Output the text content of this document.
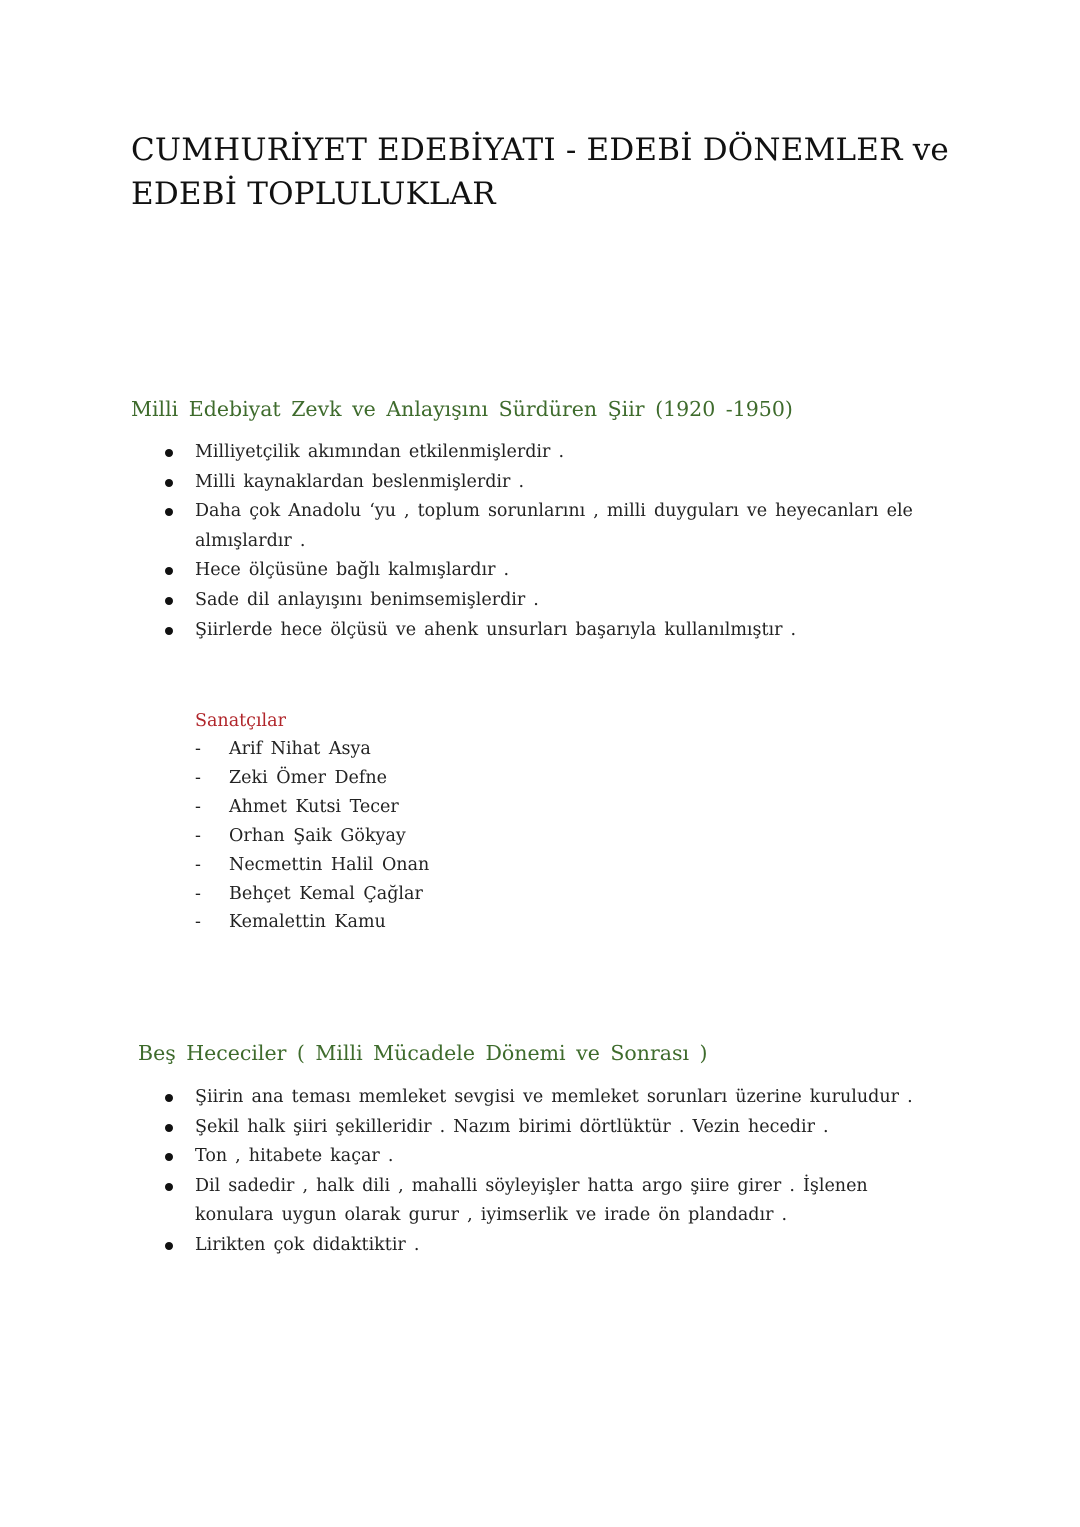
CUMHURİYET EDEBİYATI - EDEBİ DÖNEMLER ve EDEBİ TOPLULUKLAR
Milli Edebiyat Zevk ve Anlayışını Sürdüren Şiir (1920 -1950)
Milliyetçilik akımından etkilenmişlerdir .
Milli kaynaklardan beslenmişlerdir .
Daha çok Anadolu ‘yu , toplum sorunlarını , milli duyguları ve heyecanları ele almışlardır .
Hece ölçüsüne bağlı kalmışlardır .
Sade dil anlayışını benimsemişlerdir .
Şiirlerde hece ölçüsü ve ahenk unsurları başarıyla kullanılmıştır .
Sanatçılar
- Arif Nihat Asya
- Zeki Ömer Defne
- Ahmet Kutsi Tecer
- Orhan Şaik Gökyay
- Necmettin Halil Onan
- Behçet Kemal Çağlar
- Kemalettin Kamu
Beş Hececiler ( Milli Mücadele Dönemi ve Sonrası )
Şiirin ana teması memleket sevgisi ve memleket sorunları üzerine kuruludur .
Şekil halk şiiri şekilleridir . Nazım birimi dörtlüktür . Vezin hecedir .
Ton , hitabete kaçar .
Dil sadedir , halk dili , mahalli söyleyişler hatta argo şiire girer . İşlenen konulara uygun olarak gurur , iyimserlik ve irade ön plandadır .
Lirikten çok didaktiktir .
